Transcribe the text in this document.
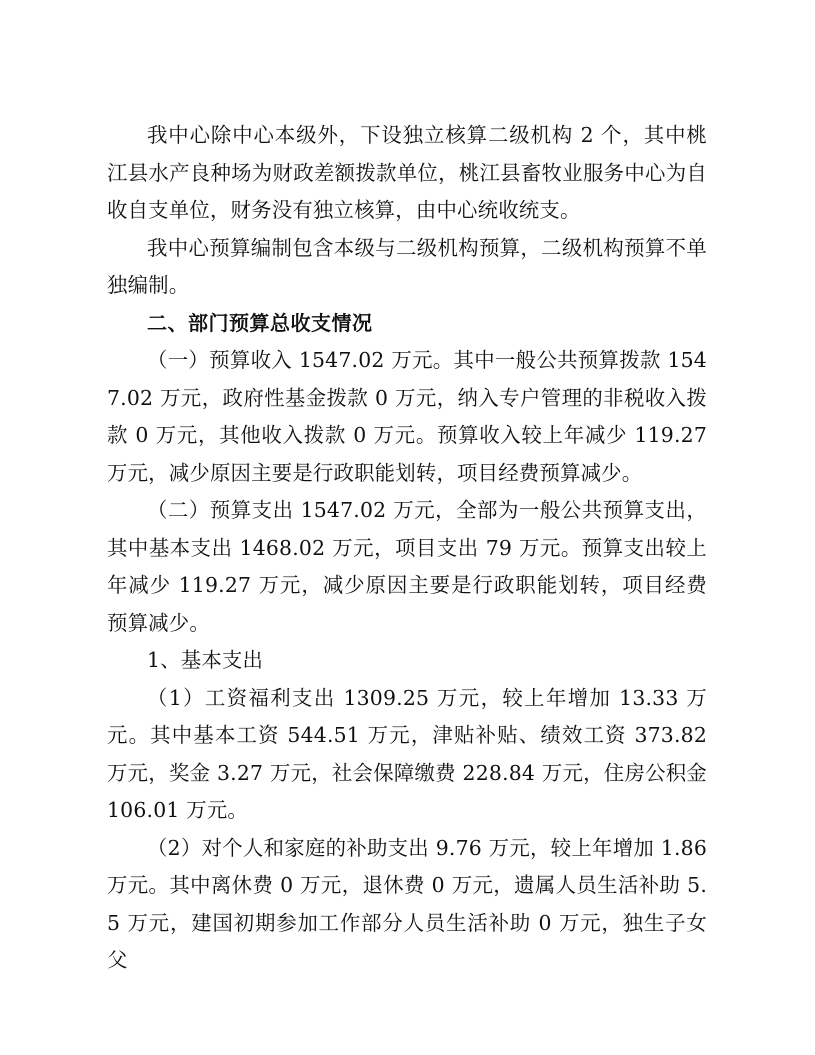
我中心除中心本级外，下设独立核算二级机构 2 个，其中桃江县水产良种场为财政差额拨款单位，桃江县畜牧业服务中心为自收自支单位，财务没有独立核算，由中心统收统支。

我中心预算编制包含本级与二级机构预算，二级机构预算不单独编制。

二、部门预算总收支情况

（一）预算收入 1547.02 万元。其中一般公共预算拨款 1547.02 万元，政府性基金拨款 0 万元，纳入专户管理的非税收入拨款 0 万元，其他收入拨款 0 万元。预算收入较上年减少 119.27 万元，减少原因主要是行政职能划转，项目经费预算减少。

（二）预算支出 1547.02 万元，全部为一般公共预算支出，其中基本支出 1468.02 万元，项目支出 79 万元。预算支出较上年减少 119.27 万元，减少原因主要是行政职能划转，项目经费预算减少。

1、基本支出

（1）工资福利支出 1309.25 万元，较上年增加 13.33 万元。其中基本工资 544.51 万元，津贴补贴、绩效工资 373.82 万元，奖金 3.27 万元，社会保障缴费 228.84 万元，住房公积金 106.01 万元。

（2）对个人和家庭的补助支出 9.76 万元，较上年增加 1.86 万元。其中离休费 0 万元，退休费 0 万元，遗属人员生活补助 5.5 万元，建国初期参加工作部分人员生活补助 0 万元，独生子女父
